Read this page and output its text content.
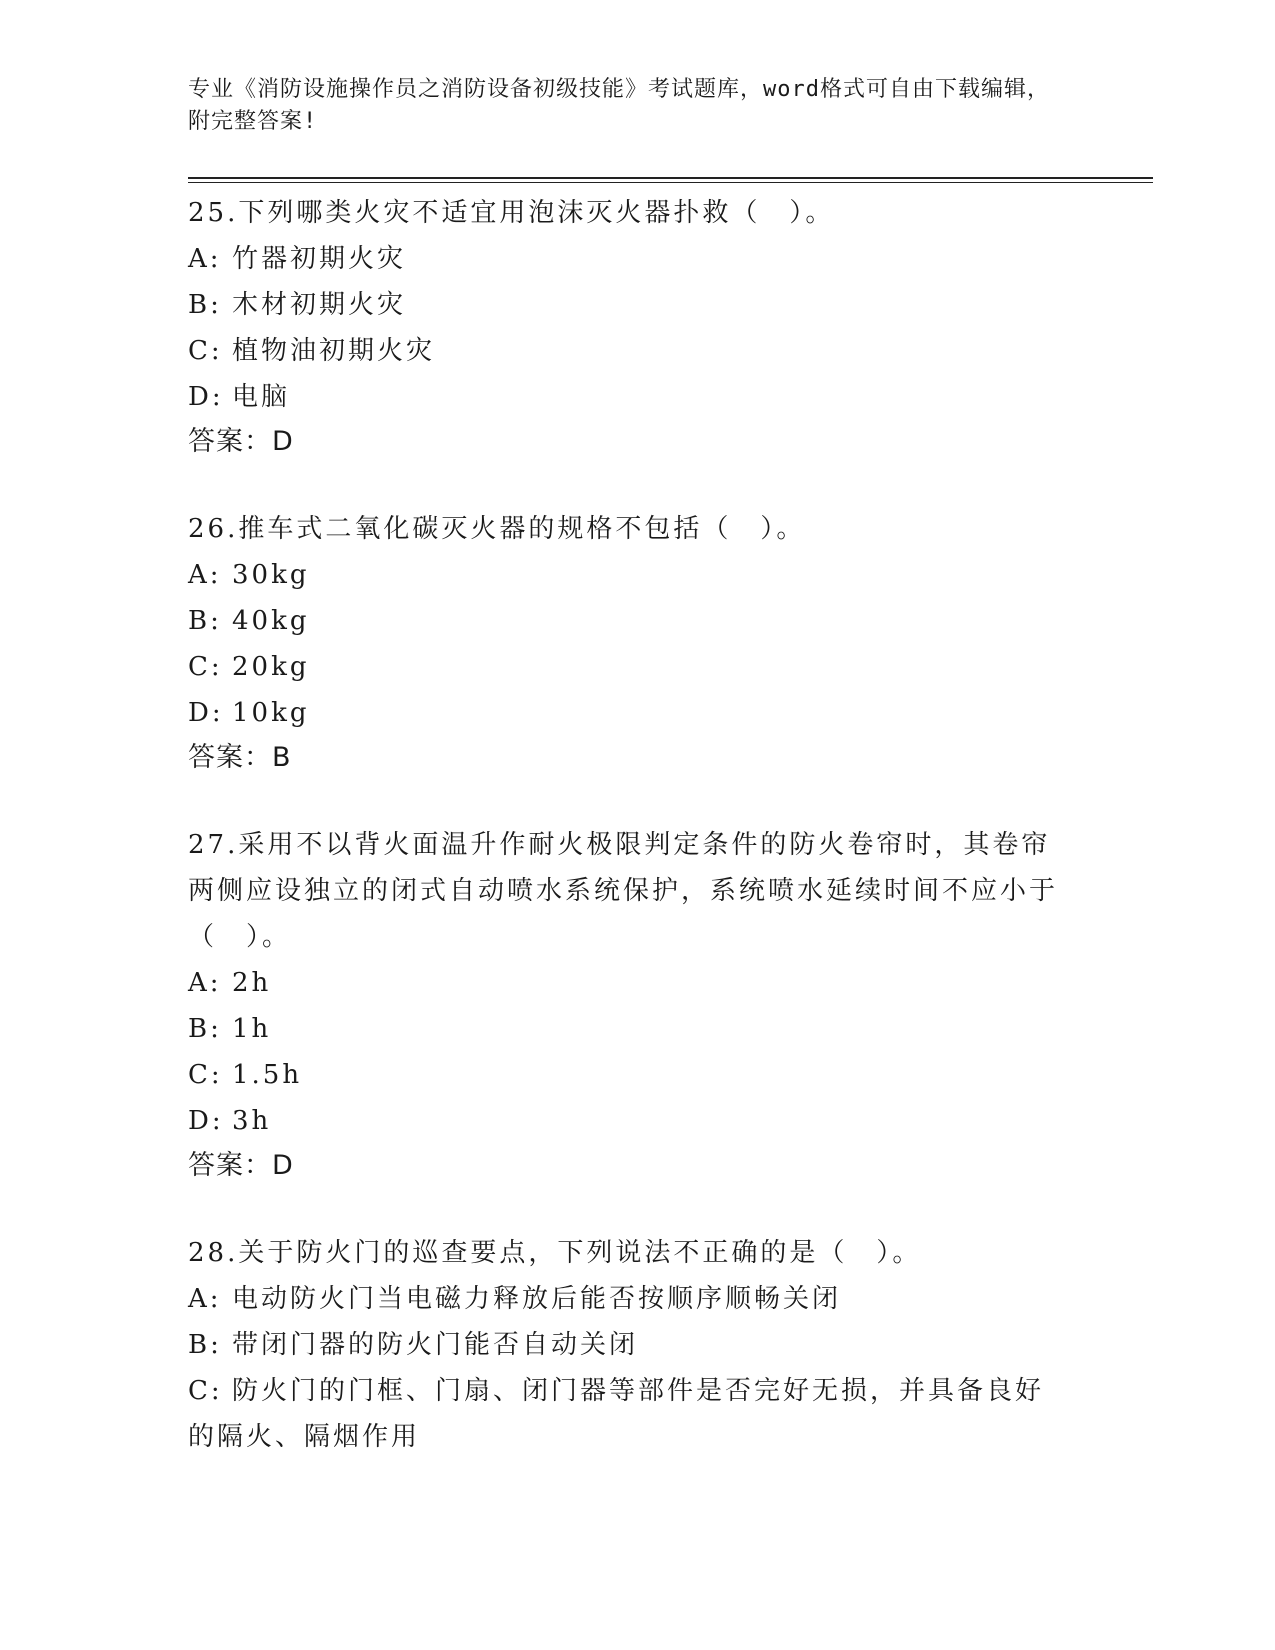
专业《消防设施操作员之消防设备初级技能》考试题库，word格式可自由下载编辑，附完整答案!
25.下列哪类火灾不适宜用泡沫灭火器扑救（　）。
A: 竹器初期火灾
B: 木材初期火灾
C: 植物油初期火灾
D: 电脑
答案：D
26.推车式二氧化碳灭火器的规格不包括（　）。
A: 30kg
B: 40kg
C: 20kg
D: 10kg
答案：B
27.采用不以背火面温升作耐火极限判定条件的防火卷帘时，其卷帘两侧应设独立的闭式自动喷水系统保护，系统喷水延续时间不应小于（　）。
A: 2h
B: 1h
C: 1.5h
D: 3h
答案：D
28.关于防火门的巡查要点，下列说法不正确的是（　）。
A: 电动防火门当电磁力释放后能否按顺序顺畅关闭
B: 带闭门器的防火门能否自动关闭
C: 防火门的门框、门扇、闭门器等部件是否完好无损，并具备良好的隔火、隔烟作用
